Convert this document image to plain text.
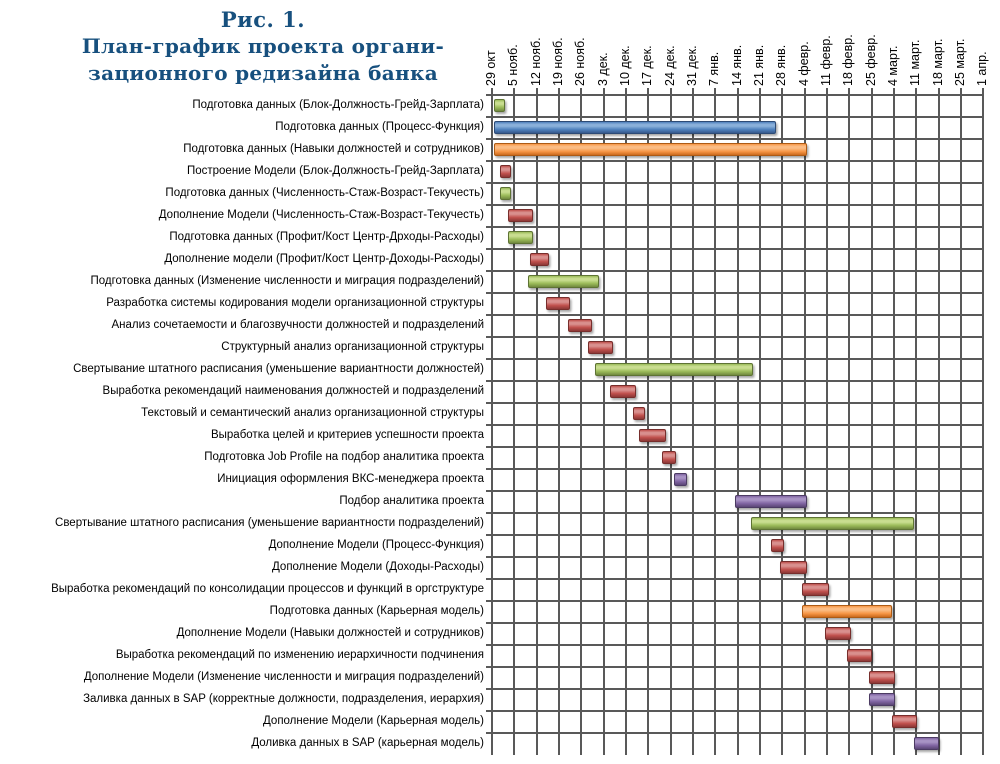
Рис. 1.
План-график проекта органи-
зационного редизайна банка	29 окт 5 нояб. 12 нояб. 19 нояб. 26 нояб. 3 дек. 10 дек. 17 дек. 24 дек. 31 дек. 7 янв. 14 янв. 21 янв. 28 янв. 4 февр. 11 февр. 18 февр. 25 февр. 4 март. 11 март. 18 март. 25 март. 1 апр.
Подготовка данных (Блок-Должность-Грейд-Зарплата)
Подготовка данных (Процесс-Функция)
Подготовка данных (Навыки должностей и сотрудников)
Построение Модели (Блок-Должность-Грейд-Зарплата)
Подготовка данных (Численность-Стаж-Возраст-Текучесть)
Дополнение Модели (Численность-Стаж-Возраст-Текучесть)
Подготовка данных (Профит/Кост Центр-Дрходы-Расходы)
Дополнение модели (Профит/Кост Центр-Доходы-Расходы)
Подготовка данных (Изменение численности и миграция подразделений)
Разработка системы кодирования модели организационной структуры
Анализ сочетаемости и благозвучности должностей и подразделений
Структурный анализ организационной структуры
Свертывание штатного расписания (уменьшение вариантности должностей)
Выработка рекомендаций наименования должностей и подразделений
Текстовый и семантический анализ организационной структуры
Выработка целей и критериев успешности проекта
Подготовка Job Profile на подбор аналитика проекта
Инициация оформления ВКС-менеджера проекта
Подбор аналитика проекта
Свертывание штатного расписания (уменьшение вариантности подразделений)
Дополнение Модели (Процесс-Функция)
Дополнение Модели (Доходы-Расходы)
Выработка рекомендаций по консолидации процессов и функций в оргструктуре
Подготовка данных (Карьерная модель)
Дополнение Модели (Навыки должностей и сотрудников)
Выработка рекомендаций по изменению иерархичности подчинения
Дополнение Модели (Изменение численности и миграция подразделений)
Заливка данных в SAP (корректные должности, подразделения, иерархия)
Дополнение Модели (Карьерная модель)
Доливка данных в SAP (карьерная модель)
